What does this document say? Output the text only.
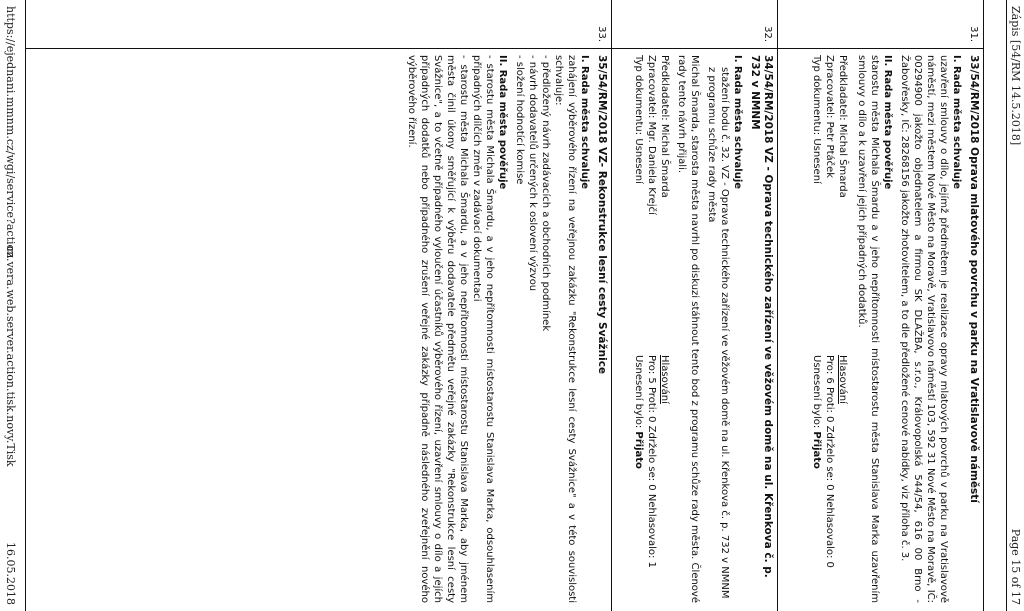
Zápis [54/RM 14.5.2018]
Page 15 of 17
31.

33/54/RM/2018 Oprava mlatového povrchu v parku na Vratislavově náměstí

I. Rada města schvaluje

uzavření smlouvy o dílo, jejímž předmětem je realizace opravy mlatových povrchů v parku na Vratislavově náměstí, mezi městem Nové Město na Moravě, Vratislavovo náměstí 103, 592 31 Nové Město na Moravě, IČ: 00294900 jakožto objednatelem a firmou SK DLAŽBA, s.r.o., Královopolská 544/54, 616 00 Brno - Žabovřesky, IČ: 28268156 jakožto zhotovitelem, a to dle předložené cenové nabídky, viz příloha č. 3.

II. Rada města pověřuje

starostu města Michala Šmardu a v jeho nepřítomnosti místostarostu města Stanislava Marka uzavřením smlouvy o dílo a k uzavření jejích případných dodatků.

Předkladatel: Michal Šmarda
Hlasování
Zpracovatel: Petr Ptáček
Pro: 6 Proti: 0 Zdrželo se: 0 Nehlasovalo: 0
Typ dokumentu: Usnesení
Usnesení bylo: Přijato
32.

34/54/RM/2018 VZ - Oprava technického zařízení ve věžovém domě na ul. Křenkova č. p. 732 v NMNM

I. Rada města schvaluje

stažení bodu č. 32. VZ - Oprava technického zařízení ve věžovém domě na ul. Křenkova č. p. 732 v NMNM z programu schůze rady města

Michal Šmarda, starosta města navrhl po diskuzi stáhnout tento bod z programu schůze rady města. Členové rady tento návrh přijali.

Předkladatel: Michal Šmarda
Hlasování
Zpracovatel: Mgr. Daniela Krejčí
Pro: 5 Proti: 0 Zdrželo se: 0 Nehlasovalo: 1
Typ dokumentu: Usnesení
Usnesení bylo: Přijato
33.

35/54/RM/2018 VZ- Rekonstrukce lesní cesty Svážnice

I. Rada města schvaluje

zahájení výběrového řízení na veřejnou zakázku "Rekonstrukce lesní cesty Svážnice" a v této souvislosti schvaluje:

- předložený návrh zadávacích a obchodních podmínek

- návrh dodavatelů určených k oslovení výzvou

- složení hodnotící komise

II. Rada města pověřuje

- starostu města Michala Šmardu, a v jeho nepřítomnosti místostarostu Stanislava Marka, odsouhlasením případných dílčích změn v zadávací dokumentaci

- starostu města Michala Šmardu, a v jeho nepřítomnosti místostarostu Stanislava Marka, aby jménem města činil úkony směřující k výběru dodavatele předmětu veřejné zakázky "Rekonstrukce lesní cesty Svážnice", a to včetně případného vyloučení účastníků výběrového řízení, uzavření smlouvy o dílo a jejích případných dodatků nebo případného zrušení veřejné zakázky případně následného zveřejnění nového výběrového řízení.

https://ejednani.mmnm.cz/wgi/service?action
cz.vera.web.server.action.tisk.novy.Tisk
16.05.2018
